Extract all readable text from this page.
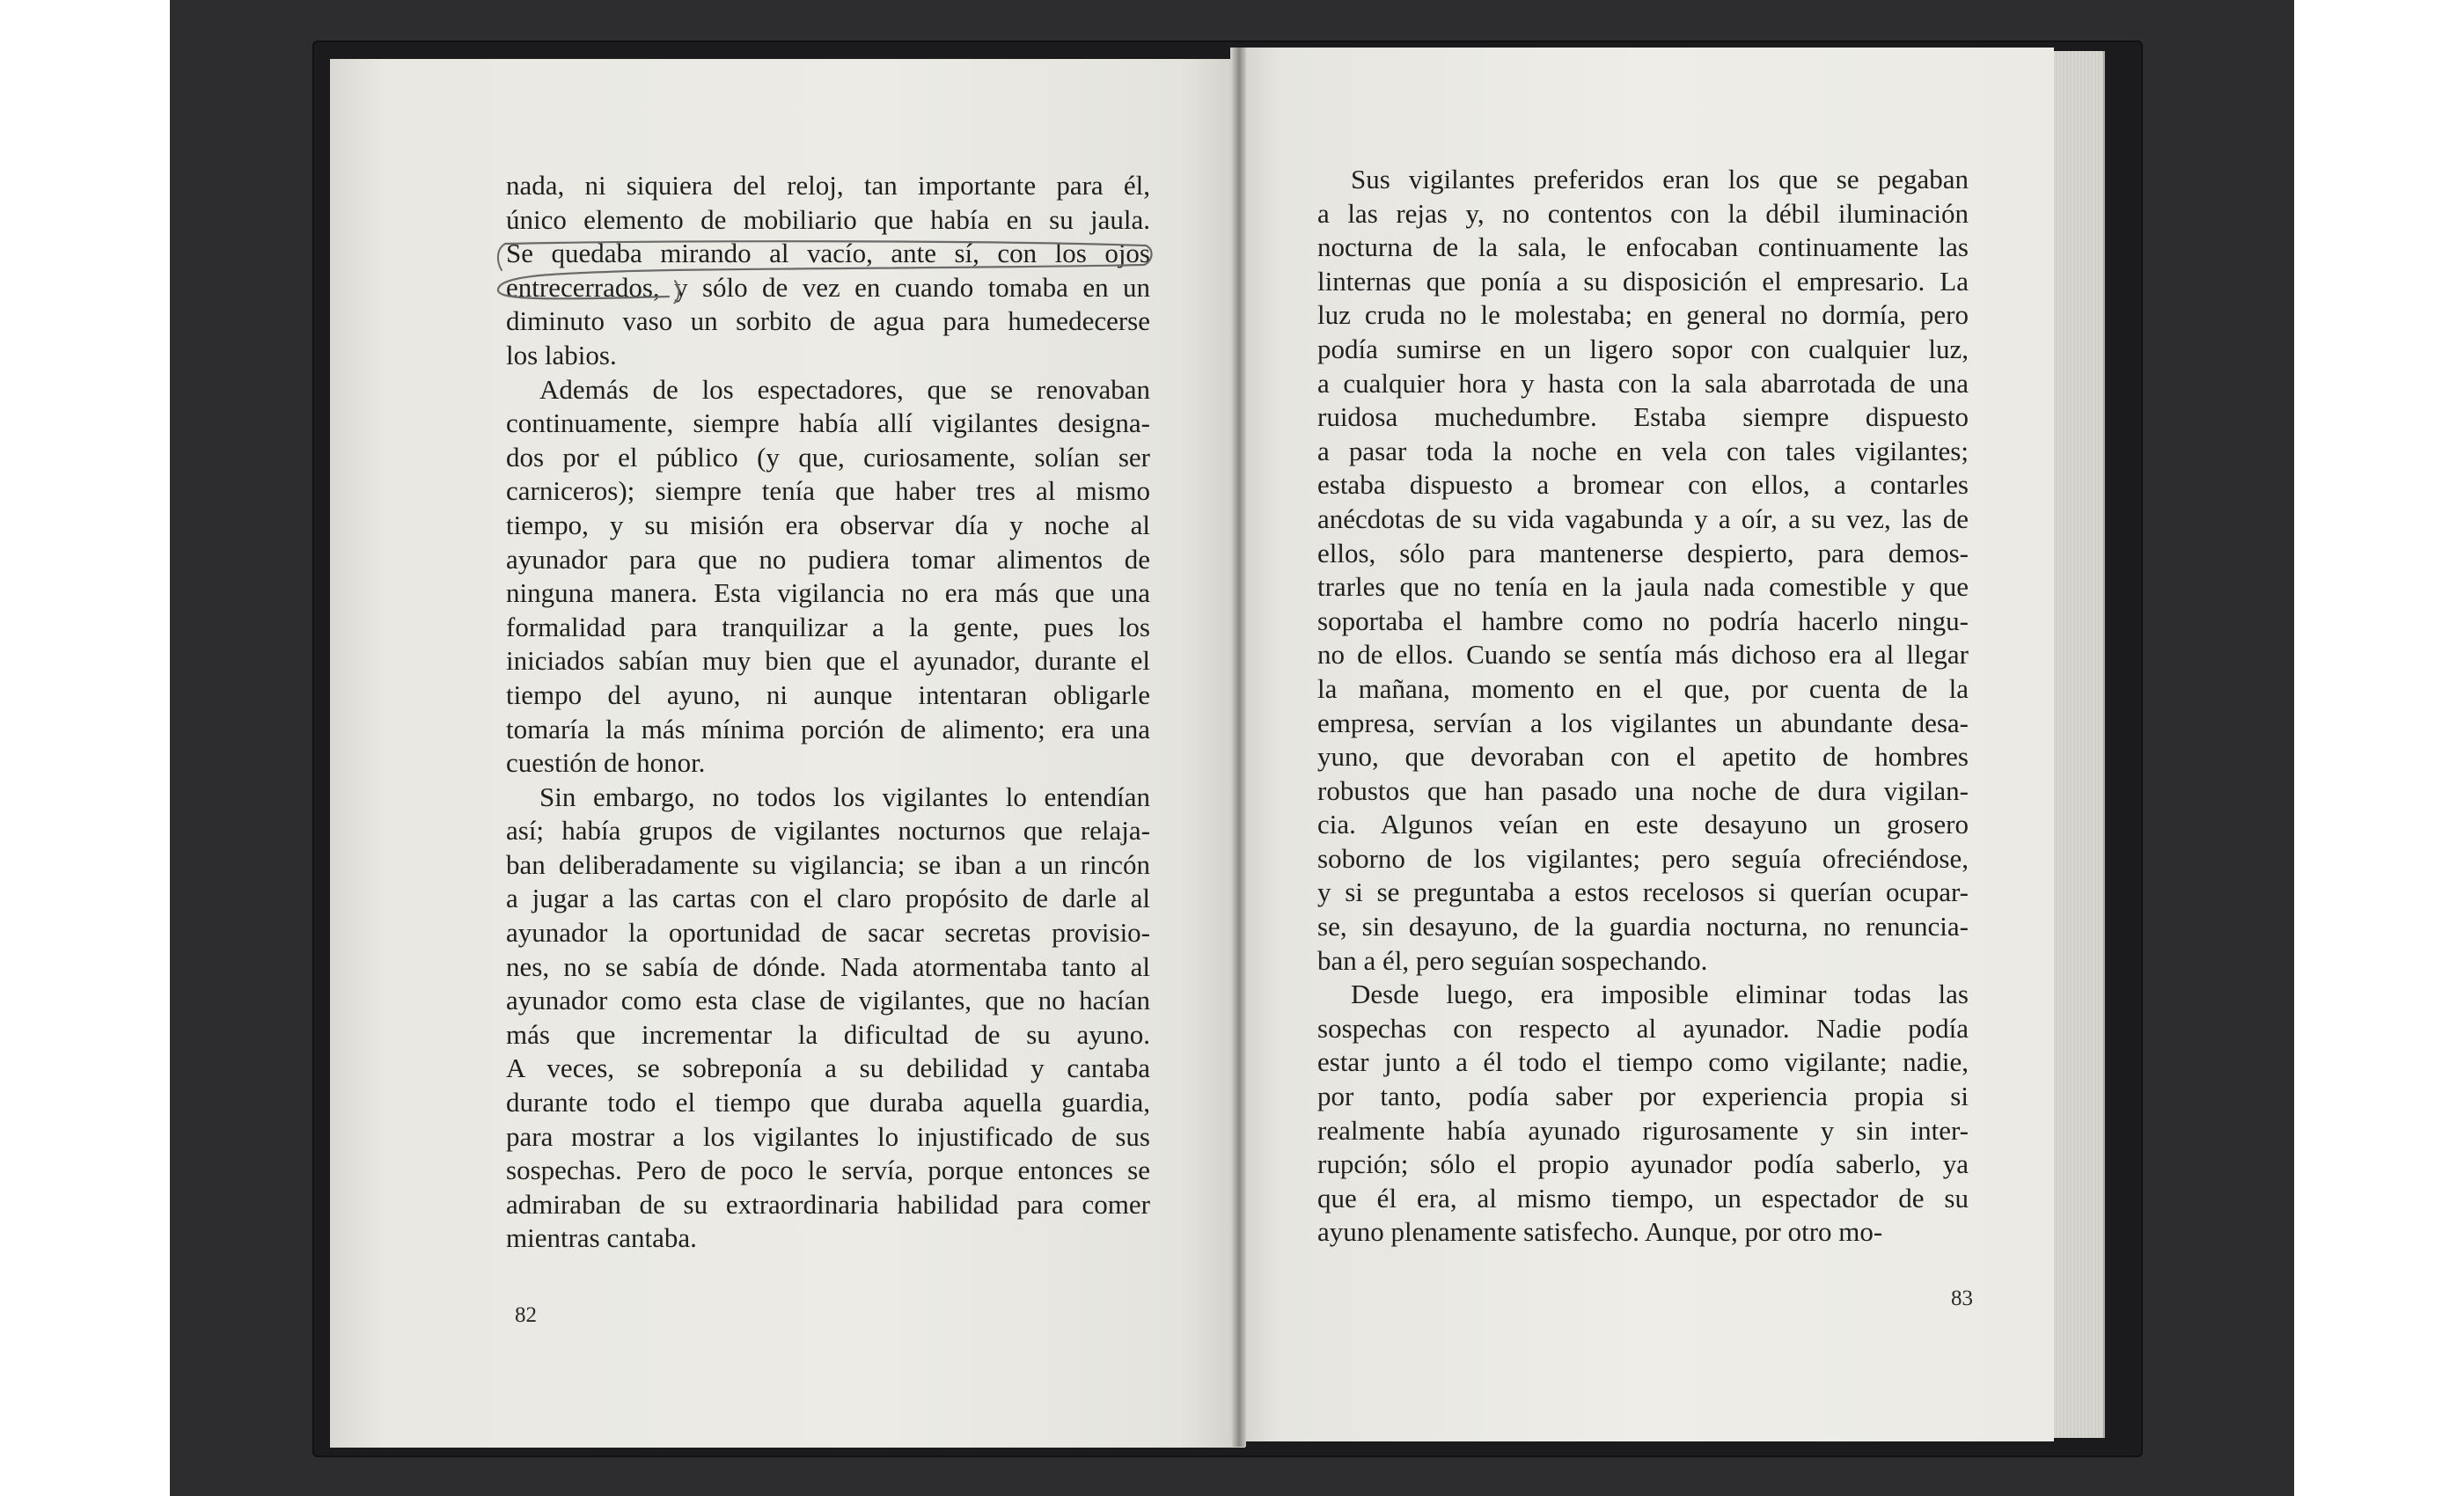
nada, ni siquiera del reloj, tan importante para él,
único elemento de mobiliario que había en su jaula.
Se quedaba mirando al vacío, ante sí, con los ojos
entrecerrados, y sólo de vez en cuando tomaba en un
diminuto vaso un sorbito de agua para humedecerse
los labios.
Además de los espectadores, que se renovaban
continuamente, siempre había allí vigilantes designa-
dos por el público (y que, curiosamente, solían ser
carniceros); siempre tenía que haber tres al mismo
tiempo, y su misión era observar día y noche al
ayunador para que no pudiera tomar alimentos de
ninguna manera. Esta vigilancia no era más que una
formalidad para tranquilizar a la gente, pues los
iniciados sabían muy bien que el ayunador, durante el
tiempo del ayuno, ni aunque intentaran obligarle
tomaría la más mínima porción de alimento; era una
cuestión de honor.
Sin embargo, no todos los vigilantes lo entendían
así; había grupos de vigilantes nocturnos que relaja-
ban deliberadamente su vigilancia; se iban a un rincón
a jugar a las cartas con el claro propósito de darle al
ayunador la oportunidad de sacar secretas provisio-
nes, no se sabía de dónde. Nada atormentaba tanto al
ayunador como esta clase de vigilantes, que no hacían
más que incrementar la dificultad de su ayuno.
A veces, se sobreponía a su debilidad y cantaba
durante todo el tiempo que duraba aquella guardia,
para mostrar a los vigilantes lo injustificado de sus
sospechas. Pero de poco le servía, porque entonces se
admiraban de su extraordinaria habilidad para comer
mientras cantaba.
Sus vigilantes preferidos eran los que se pegaban
a las rejas y, no contentos con la débil iluminación
nocturna de la sala, le enfocaban continuamente las
linternas que ponía a su disposición el empresario. La
luz cruda no le molestaba; en general no dormía, pero
podía sumirse en un ligero sopor con cualquier luz,
a cualquier hora y hasta con la sala abarrotada de una
ruidosa muchedumbre. Estaba siempre dispuesto
a pasar toda la noche en vela con tales vigilantes;
estaba dispuesto a bromear con ellos, a contarles
anécdotas de su vida vagabunda y a oír, a su vez, las de
ellos, sólo para mantenerse despierto, para demos-
trarles que no tenía en la jaula nada comestible y que
soportaba el hambre como no podría hacerlo ningu-
no de ellos. Cuando se sentía más dichoso era al llegar
la mañana, momento en el que, por cuenta de la
empresa, servían a los vigilantes un abundante desa-
yuno, que devoraban con el apetito de hombres
robustos que han pasado una noche de dura vigilan-
cia. Algunos veían en este desayuno un grosero
soborno de los vigilantes; pero seguía ofreciéndose,
y si se preguntaba a estos recelosos si querían ocupar-
se, sin desayuno, de la guardia nocturna, no renuncia-
ban a él, pero seguían sospechando.
Desde luego, era imposible eliminar todas las
sospechas con respecto al ayunador. Nadie podía
estar junto a él todo el tiempo como vigilante; nadie,
por tanto, podía saber por experiencia propia si
realmente había ayunado rigurosamente y sin inter-
rupción; sólo el propio ayunador podía saberlo, ya
que él era, al mismo tiempo, un espectador de su
ayuno plenamente satisfecho. Aunque, por otro mo-
82
83
